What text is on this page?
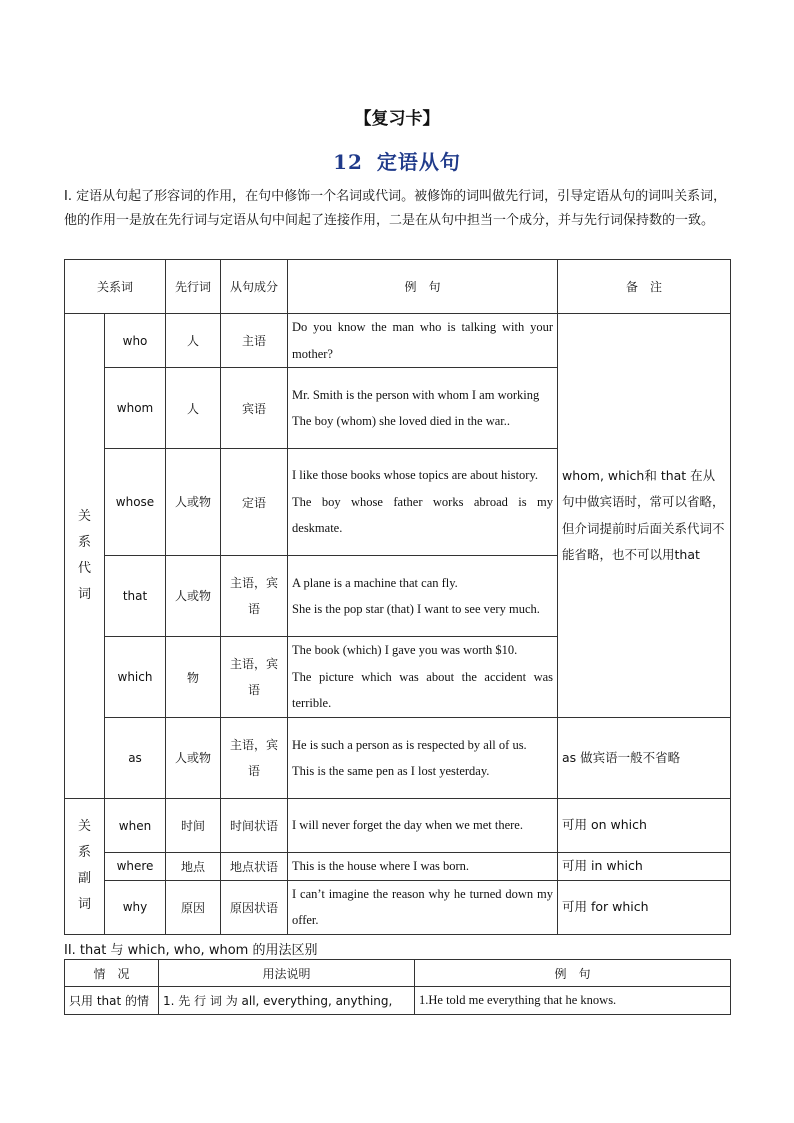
【复习卡】
12 定语从句
I. 定语从句起了形容词的作用，在句中修饰一个名词或代词。被修饰的词叫做先行词，引导定语从句的词叫关系词，他的作用一是放在先行词与定语从句中间起了连接作用，二是在从句中担当一个成分，并与先行词保持数的一致。
关系词		先行词	从句成分	例　句	备　注

关系代词	who	人	主语	Do you know the man who is talking with your mother?	whom, which和 that 在从句中做宾语时，常可以省略，但介词提前时后面关系代词不能省略，也不可以用that
	whom	人	宾语	Mr. Smith is the person with whom I am working
The boy (whom) she loved died in the war..	

	whose	人或物	定语	I like those books whose topics are about history.
The boy whose father works abroad is my deskmate.	

	that	人或物	主语，宾语	A plane is a machine that can fly.
She is the pop star (that) I want to see very much.	

	which	物	主语，宾语	The book (which) I gave you was worth $10.
The picture which was about the accident was terrible.	

	as	人或物	主语，宾语	He is such a person as is respected by all of us.
This is the same pen as I lost yesterday.	as 做宾语一般不省略

关系副词	when	时间	时间状语	I will never forget the day when we met there.	可用 on which
	where	地点	地点状语	This is the house where I was born.	可用 in which
	why	原因	原因状语	I can’t imagine the reason why he turned down my offer.	可用 for which
II. that 与 which, who, whom 的用法区别
情　况	用法说明	例　句
只用 that 的情	1. 先 行 词 为 all, everything, anything,	1.He told me everything that he knows.
